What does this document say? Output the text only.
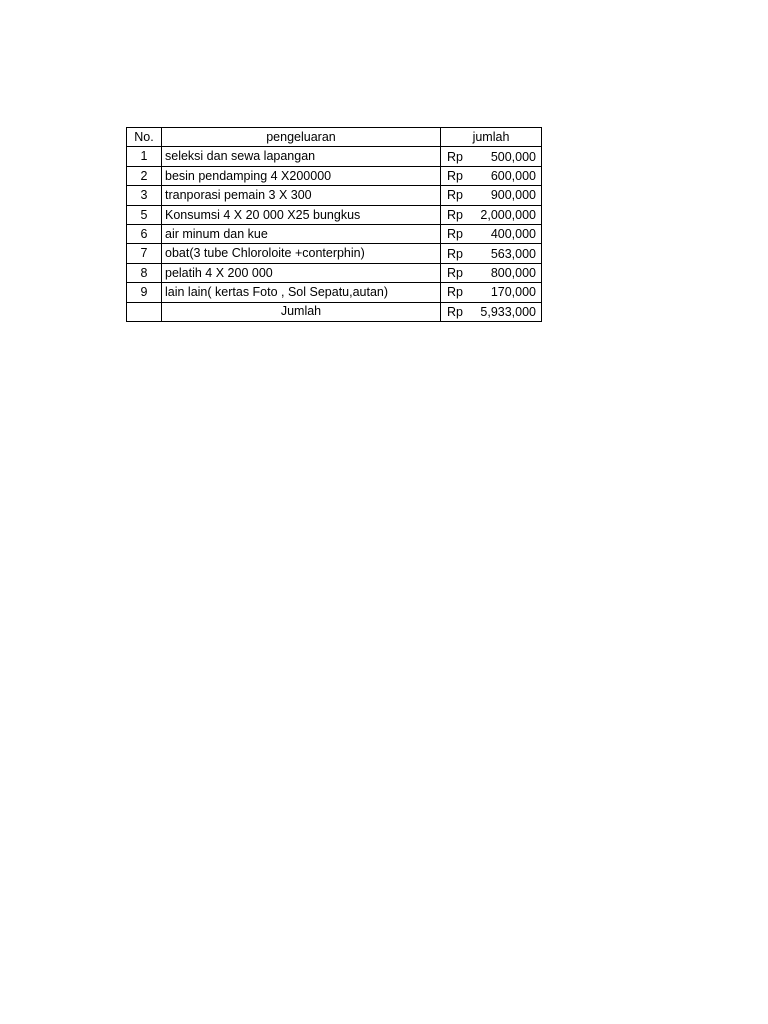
No.	pengeluaran	jumlah
1	seleksi dan sewa lapangan	Rp 500,000

2	besin pendamping 4 X200000	Rp 600,000

3	tranporasi pemain 3 X 300	Rp 900,000

5	Konsumsi 4 X 20 000 X25 bungkus	Rp 2,000,000

6	air minum dan kue	Rp 400,000

7	obat(3 tube Chloroloite +conterphin)	Rp 563,000

8	pelatih 4 X 200 000	Rp 800,000

9	lain lain( kertas Foto , Sol Sepatu,autan)	Rp 170,000

	Jumlah	Rp 5,933,000
